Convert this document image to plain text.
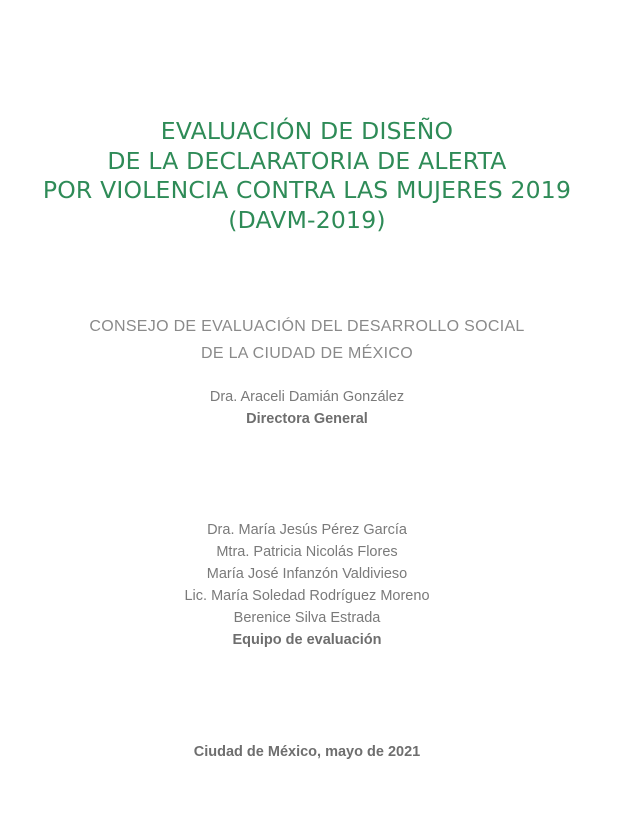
EVALUACIÓN DE DISEÑO
DE LA DECLARATORIA DE ALERTA
POR VIOLENCIA CONTRA LAS MUJERES 2019
(DAVM-2019)
CONSEJO DE EVALUACIÓN DEL DESARROLLO SOCIAL
DE LA CIUDAD DE MÉXICO
Dra. Araceli Damián González
Directora General
Dra. María Jesús Pérez García
Mtra. Patricia Nicolás Flores
María José Infanzón Valdivieso
Lic. María Soledad Rodríguez Moreno
Berenice Silva Estrada
Equipo de evaluación
Ciudad de México, mayo de 2021
